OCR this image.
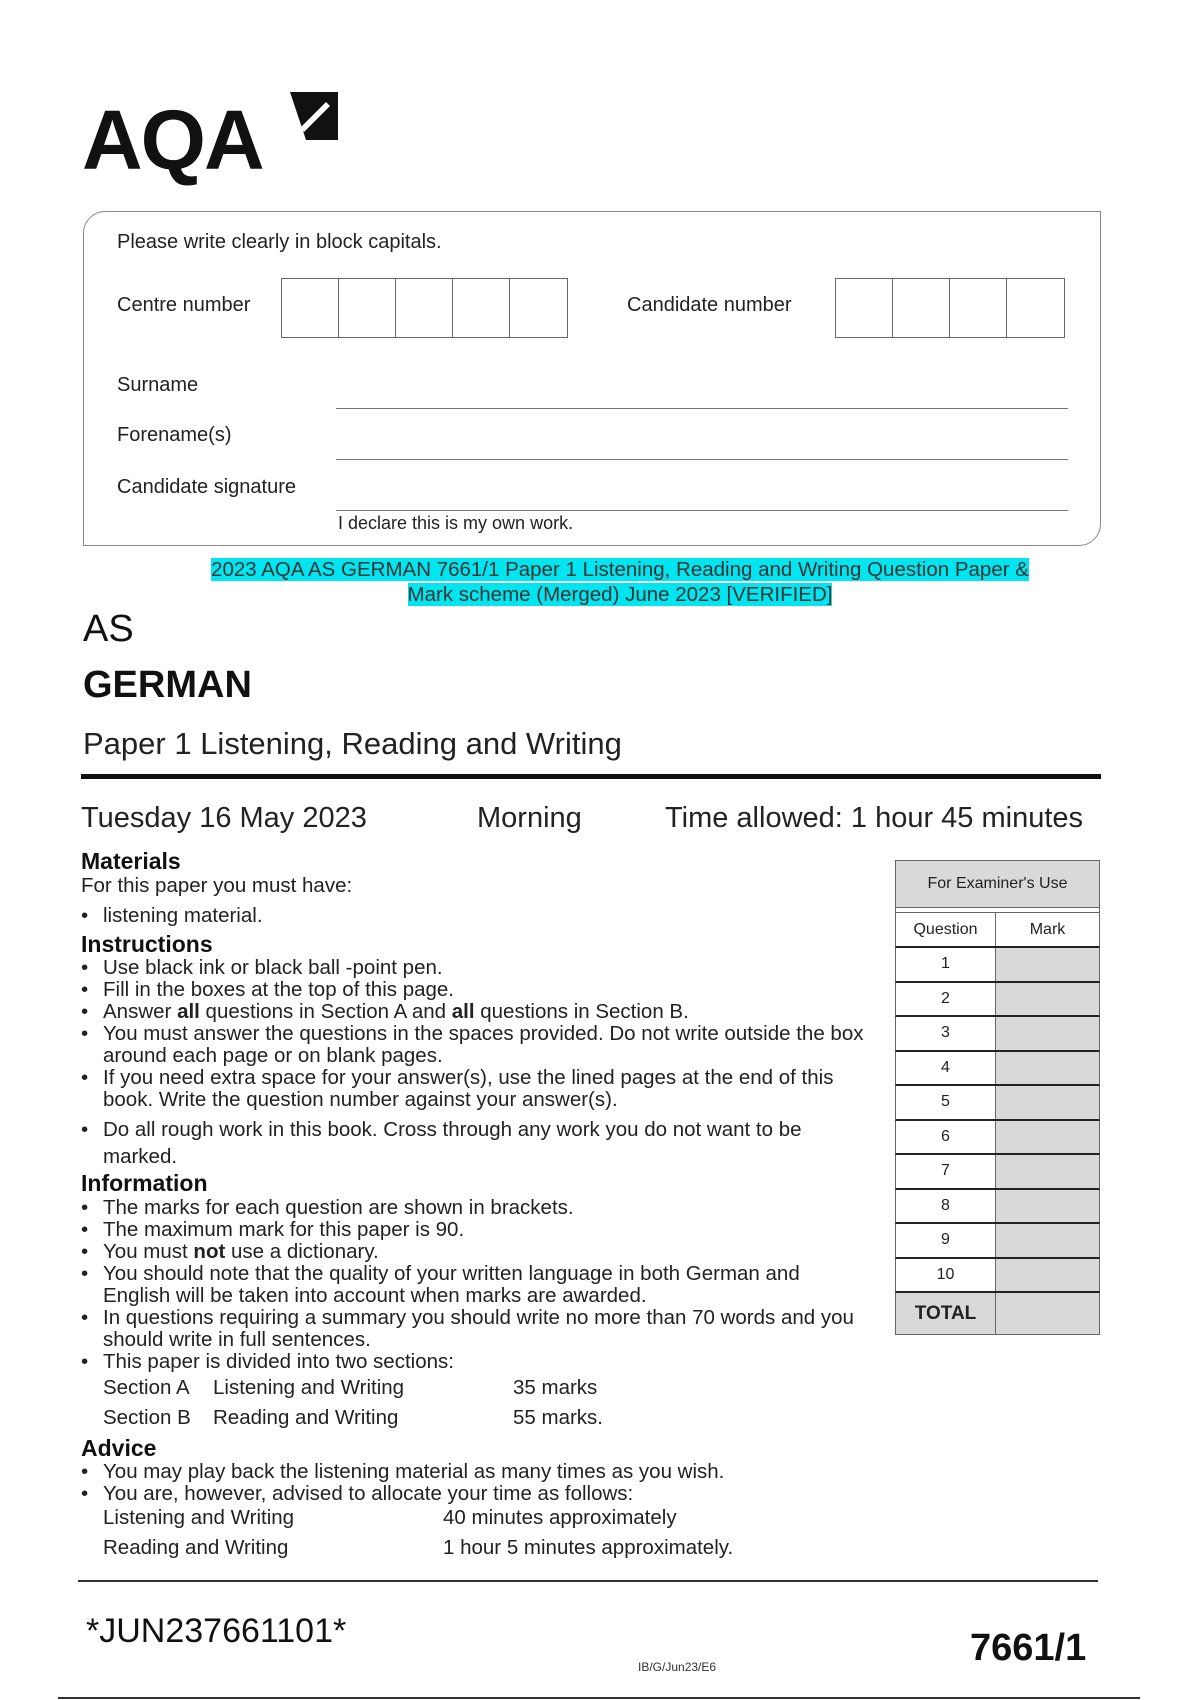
AQA
Please write clearly in block capitals.
Centre number	Candidate number
Surname
Forename(s)
Candidate signature
I declare this is my own work.
2023 AQA AS GERMAN 7661/1 Paper 1 Listening, Reading and Writing Question Paper &
Mark scheme (Merged) June 2023 [VERIFIED]
AS
GERMAN
Paper 1 Listening, Reading and Writing
Tuesday 16 May 2023	Morning	Time allowed: 1 hour 45 minutes
Materials
For this paper you must have:
• listening material.
Instructions
• Use black ink or black ball -point pen.
• Fill in the boxes at the top of this page.
• Answer all questions in Section A and all questions in Section B.
• You must answer the questions in the spaces provided. Do not write outside the box around each page or on blank pages.
• If you need extra space for your answer(s), use the lined pages at the end of this book. Write the question number against your answer(s).
• Do all rough work in this book. Cross through any work you do not want to be marked.
Information
• The marks for each question are shown in brackets.
• The maximum mark for this paper is 90.
• You must not use a dictionary.
• You should note that the quality of your written language in both German and English will be taken into account when marks are awarded.
• In questions requiring a summary you should write no more than 70 words and you should write in full sentences.
• This paper is divided into two sections:
Section A Listening and Writing	35 marks
Section B Reading and Writing	55 marks.
Advice
• You may play back the listening material as many times as you wish.
• You are, however, advised to allocate your time as follows:
Listening and Writing	40 minutes approximately
Reading and Writing	1 hour 5 minutes approximately.
For Examiner's Use
Question	Mark
1
2
3
4
5
6
7
8
9
10
TOTAL
*JUN237661101*
IB/G/Jun23/E6	7661/1
